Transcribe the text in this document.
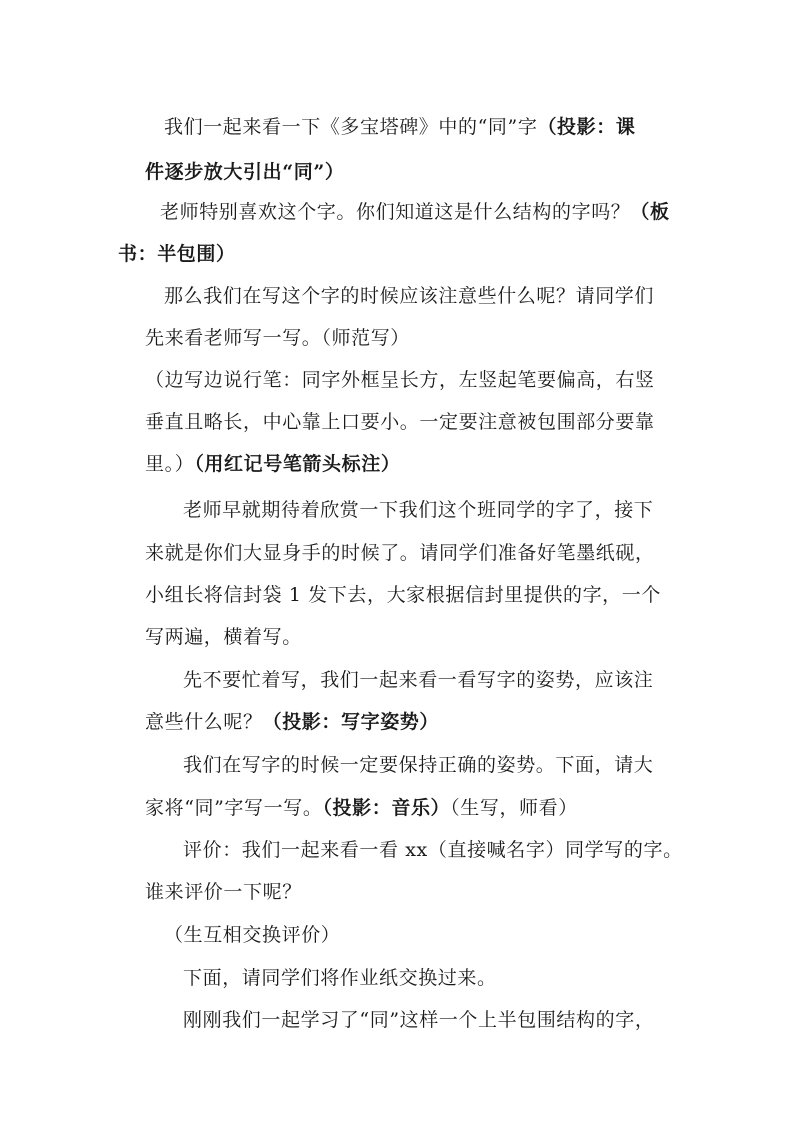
我们一起来看一下《多宝塔碑》中的“同”字（投影：课
件逐步放大引出“同”）
老师特别喜欢这个字。你们知道这是什么结构的字吗？（板
书：半包围）
那么我们在写这个字的时候应该注意些什么呢？请同学们
先来看老师写一写。（师范写）
（边写边说行笔：同字外框呈长方，左竖起笔要偏高，右竖
垂直且略长，中心靠上口要小。一定要注意被包围部分要靠
里。）（用红记号笔箭头标注）
老师早就期待着欣赏一下我们这个班同学的字了，接下
来就是你们大显身手的时候了。请同学们准备好笔墨纸砚，
小组长将信封袋 1 发下去，大家根据信封里提供的字，一个
写两遍，横着写。
先不要忙着写，我们一起来看一看写字的姿势，应该注
意些什么呢？（投影：写字姿势）
我们在写字的时候一定要保持正确的姿势。下面，请大
家将“同”字写一写。（投影：音乐）（生写，师看）
评价：我们一起来看一看 xx（直接喊名字）同学写的字。
谁来评价一下呢？
（生互相交换评价）
下面，请同学们将作业纸交换过来。
刚刚我们一起学习了“同”这样一个上半包围结构的字，
